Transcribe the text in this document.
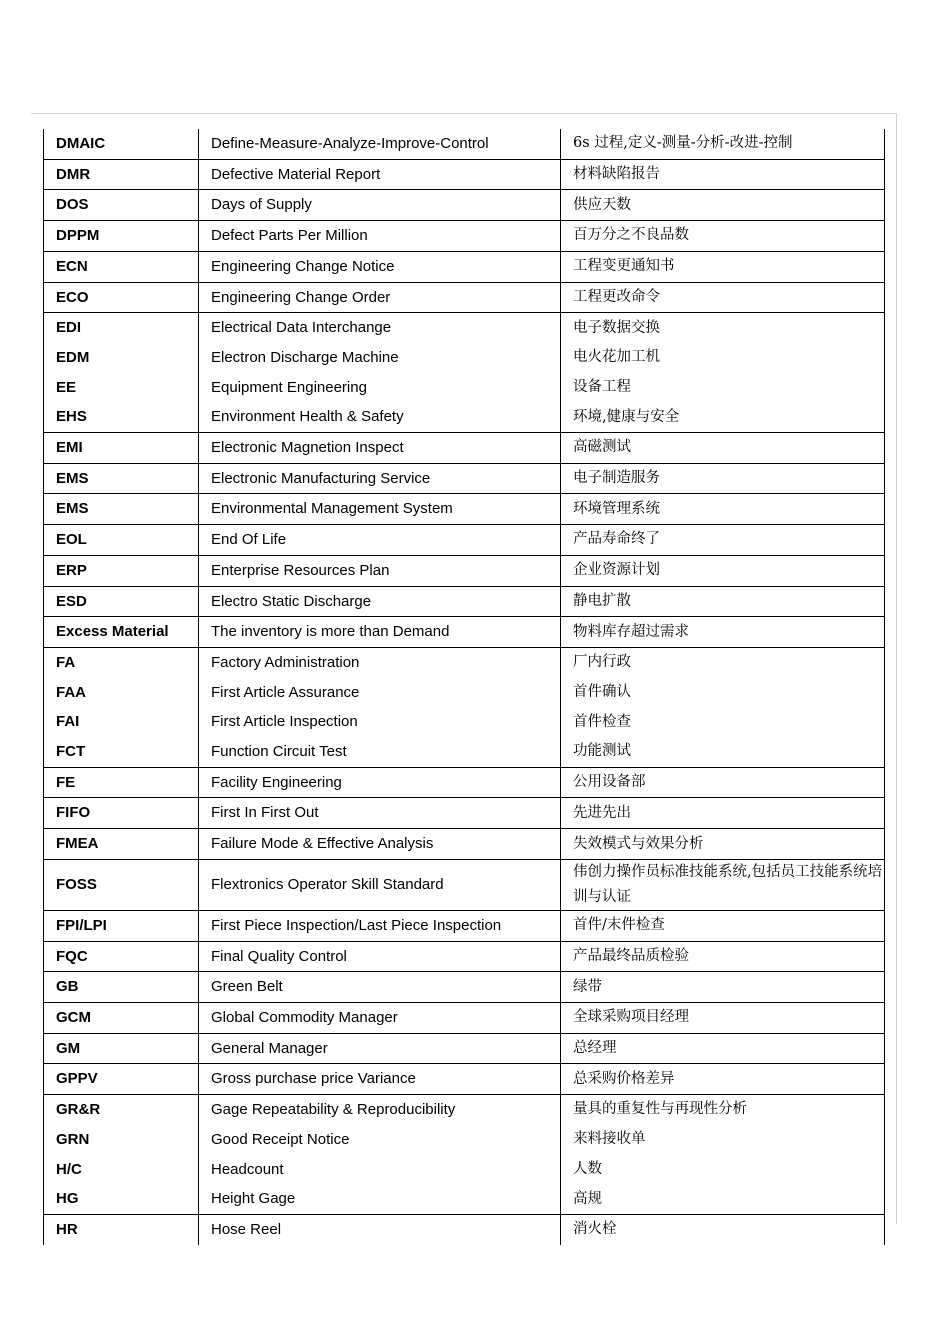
DMAIC	Define-Measure-Analyze-Improve-Control	6s 过程,定义-测量-分析-改进-控制
DMR	Defective Material Report	材料缺陷报告
DOS	Days of Supply	供应天数
DPPM	Defect Parts Per Million	百万分之不良品数
ECN	Engineering Change Notice	工程变更通知书
ECO	Engineering Change Order	工程更改命令
EDI	Electrical Data Interchange	电子数据交换
EDM	Electron Discharge Machine	电火花加工机
EE	Equipment Engineering	设备工程
EHS	Environment Health & Safety	环境,健康与安全
EMI	Electronic Magnetion Inspect	高磁测试
EMS	Electronic Manufacturing Service	电子制造服务
EMS	Environmental Management System	环境管理系统
EOL	End Of Life	产品寿命终了
ERP	Enterprise Resources Plan	企业资源计划
ESD	Electro Static Discharge	静电扩散
Excess Material	The inventory is more than Demand	物料库存超过需求
FA	Factory Administration	厂内行政
FAA	First Article Assurance	首件确认
FAI	First Article Inspection	首件检查
FCT	Function Circuit Test	功能测试
FE	Facility Engineering	公用设备部
FIFO	First In First Out	先进先出
FMEA	Failure Mode & Effective Analysis	失效模式与效果分析
FOSS	Flextronics Operator Skill Standard	伟创力操作员标准技能系统,包括员工技能系统培训与认证
FPI/LPI	First Piece Inspection/Last Piece Inspection	首件/末件检查
FQC	Final Quality Control	产品最终品质检验
GB	Green Belt	绿带
GCM	Global Commodity Manager	全球采购项目经理
GM	General Manager	总经理
GPPV	Gross purchase price Variance	总采购价格差异
GR&R	Gage Repeatability & Reproducibility	量具的重复性与再现性分析
GRN	Good Receipt Notice	来料接收单
H/C	Headcount	人数
HG	Height Gage	高规
HR	Hose Reel	消火栓
